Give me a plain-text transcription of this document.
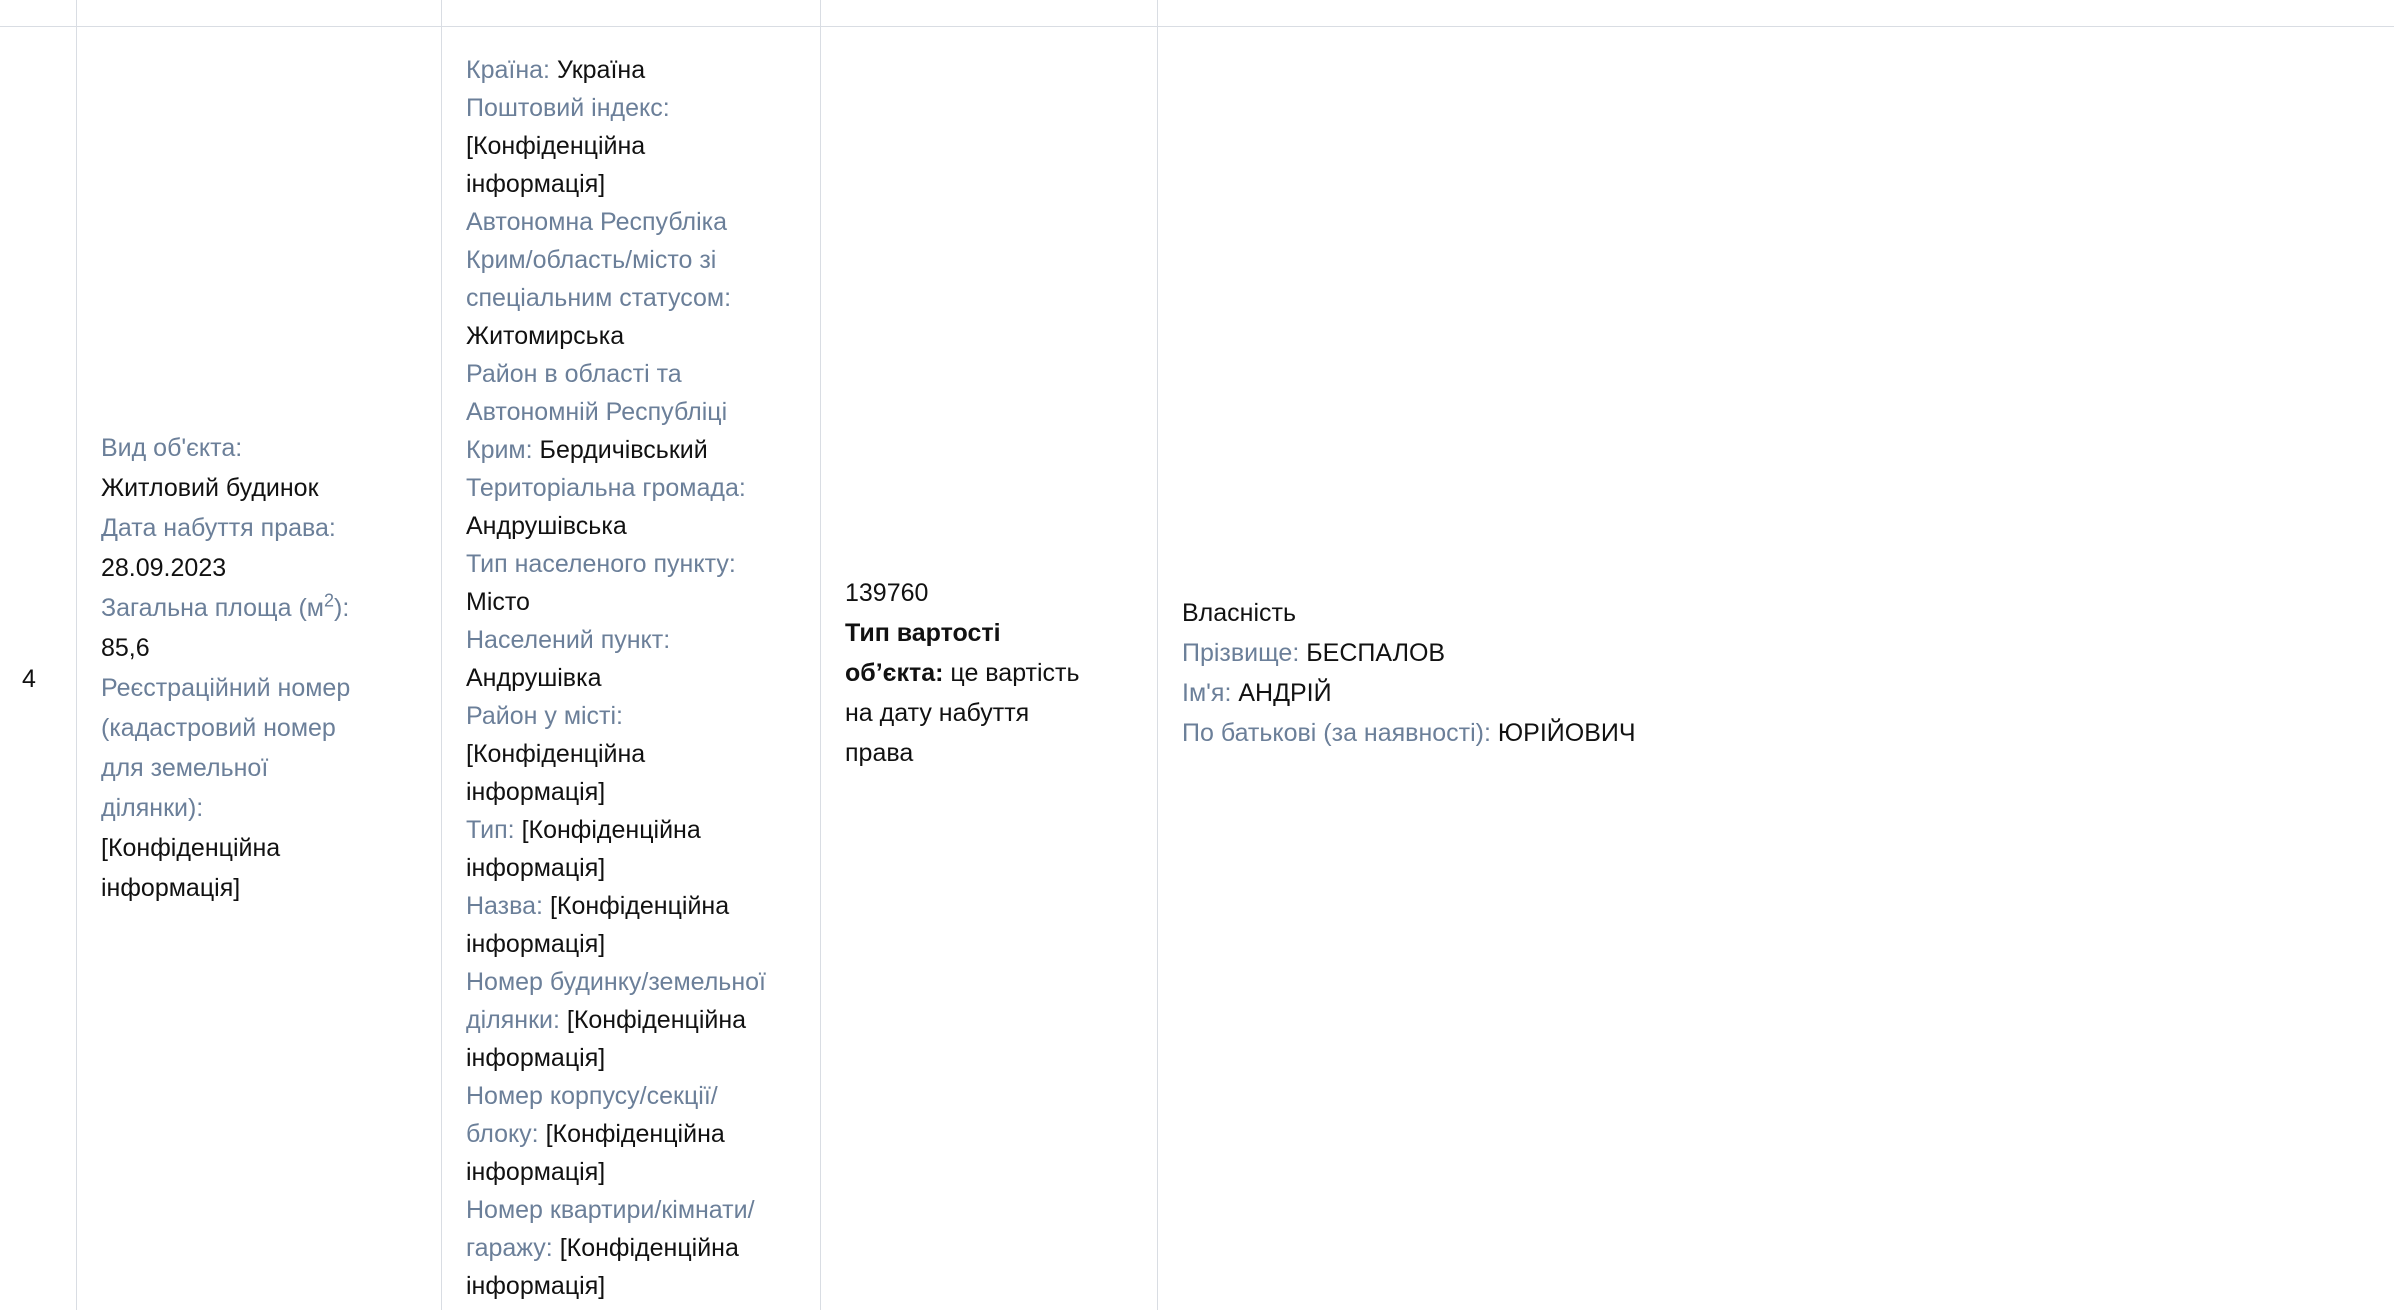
4
Вид об'єкта:
Житловий будинок
Дата набуття права:
28.09.2023
Загальна площа $(м^2)$:
85,6
Реєстраційний номер
(кадастровий номер
для земельної
ділянки):
[Конфіденційна
інформація]
Країна: Україна
Поштовий індекс:
[Конфіденційна
інформація]
Автономна Республіка
Крим/область/місто зі
спеціальним статусом:
Житомирська
Район в області та
Автономній Республіці
Крим: Бердичівський
Територіальна громада:
Андрушівська
Тип населеного пункту:
Місто
Населений пункт:
Андрушівка
Район у місті:
[Конфіденційна
інформація]
Тип: [Конфіденційна
інформація]
Назва: [Конфіденційна
інформація]
Номер будинку/земельної
ділянки: [Конфіденційна
інформація]
Номер корпусу/секції/
блоку: [Конфіденційна
інформація]
Номер квартири/кімнати/
гаражу: [Конфіденційна
інформація]
139760
Тип вартості
об’єкта: це вартість
на дату набуття
права
Власність
Прізвище: БЕСПАЛОВ
Ім'я: АНДРІЙ
По батькові (за наявності): ЮРІЙОВИЧ
